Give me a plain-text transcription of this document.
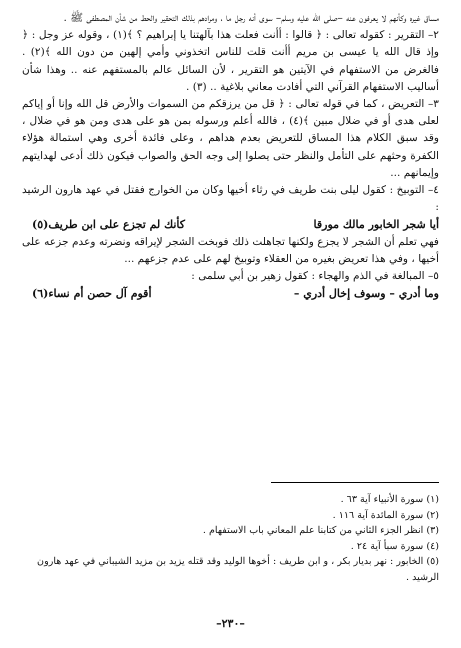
مساق غيره وكأنهم لا يعرفون عنه –صلى الله عليه وسلم– سوى أنه رجل ما ، ومرادهم بذلك التحقير والحط من شأن المصطفى ﷺ .

٢– التقرير : كقوله تعالى : ﴿ قالوا : أأنت فعلت هذا بآلهتنا يا إبراهيم ؟ ﴾(١) ، وقوله عز وجل : ﴿ وإذ قال الله يا عيسى بن مريم أأنت قلت للناس اتخذوني وأمي إلهين من دون الله ﴾(٢) . فالغرض من الاستفهام في الآيتين هو التقرير ، لأن السائل عالم بالمستفهم عنه .. وهذا شأن أساليب الاستفهام القرآني التي أفادت معاني بلاغية .. (٣) .

٣– التعريض ، كما في قوله تعالى : ﴿ قل من يرزقكم من السموات والأرض قل الله وإنا أو إياكم لعلى هدى أو في ضلال مبين ﴾(٤) ، فالله أعلم ورسوله بمن هو على هدى ومن هو في ضلال ، وقد سبق الكلام هذا المساق للتعريض بعدم هداهم ، وعلى فائدة أخرى وهي استمالة هؤلاء الكفرة وحثهم على التأمل والنظر حتى يصلوا إلى وجه الحق والصواب فيكون ذلك أدعى لهدايتهم وإيمانهم ...

٤– التوبيخ : كقول ليلى بنت طريف في رثاء أخيها وكان من الخوارج فقتل في عهد هارون الرشيد :

أيا شجر الخابور مالك مورقا
كأنك لم تجزع على ابن طريف(٥)

فهي تعلم أن الشجر لا يجزع ولكنها تجاهلت ذلك فوبخت الشجر لإيراقه ونضرته وعدم جزعه على أخيها ، وفي هذا تعريض بغيره من العقلاء وتوبيخ لهم على عدم جزعهم ...

٥– المبالغة في الذم والهجاء : كقول زهير بن أبي سلمى :

وما أدري – وسوف إخال أدري –
أقوم آل حصن أم نساء(٦)
(١) سورة الأنبياء آية ٦٣ .
(٢) سورة المائدة آية ١١٦ .
(٣) انظر الجزء الثاني من كتابنا علم المعاني باب الاستفهام .
(٤) سورة سبأ آية ٢٤ .
(٥) الخابور : نهر بديار بكر ، و ابن طريف : أخوها الوليد وقد قتله يزيد بن مزيد الشيباني في عهد هارون الرشيد .
–٢٣٠–
